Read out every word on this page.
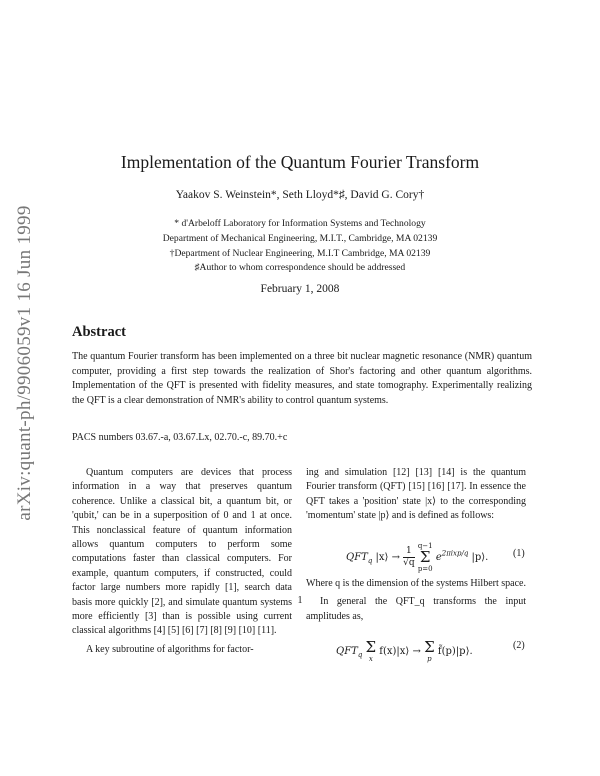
arXiv:quant-ph/9906059v1 16 Jun 1999
Implementation of the Quantum Fourier Transform
Yaakov S. Weinstein*, Seth Lloyd*♯, David G. Cory†
* d'Arbeloff Laboratory for Information Systems and Technology
Department of Mechanical Engineering, M.I.T., Cambridge, MA 02139
†Department of Nuclear Engineering, M.I.T Cambridge, MA 02139
♯Author to whom correspondence should be addressed
February 1, 2008
Abstract
The quantum Fourier transform has been implemented on a three bit nuclear magnetic resonance (NMR) quantum computer, providing a first step towards the realization of Shor's factoring and other quantum algorithms. Implementation of the QFT is presented with fidelity measures, and state tomography. Experimentally realizing the QFT is a clear demonstration of NMR's ability to control quantum systems.
PACS numbers 03.67.-a, 03.67.Lx, 02.70.-c, 89.70.+c

Quantum computers are devices that process information in a way that preserves quantum coherence. Unlike a classical bit, a quantum bit, or 'qubit,' can be in a superposition of 0 and 1 at once. This nonclassical feature of quantum information allows quantum computers to perform some computations faster than classical computers. For example, quantum computers, if constructed, could factor large numbers more rapidly [1], search data basis more quickly [2], and simulate quantum systems more efficiently [3] than is possible using current classical algorithms [4] [5] [6] [7] [8] [9] [10] [11].

A key subroutine of algorithms for factor-

ing and simulation [12] [13] [14] is the quantum Fourier transform (QFT) [15] [16] [17]. In essence the QFT takes a 'position' state |x⟩ to the corresponding 'momentum' state |p⟩ and is defined as follows:

$QFT_q$ |x⟩ → $\frac{1}{√q} q-1$
Σ
p=0 $e^{2\pi ixp/q}$ |p⟩. (1)

Where q is the dimension of the systems Hilbert space.

In general the QFT_q transforms the input amplitudes as,

$QFT_q$ Σ
x f(x)|x⟩ → Σ
p f̃(p)|p⟩.
(2)
1
